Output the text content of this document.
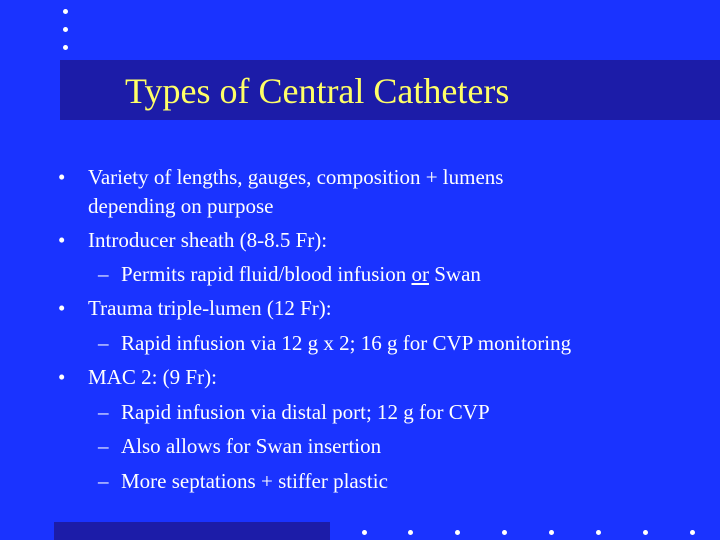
Types of Central Catheters
• Variety of lengths, gauges, composition + lumens
depending on purpose
• Introducer sheath (8-8.5 Fr):
– Permits rapid fluid/blood infusion or Swan
• Trauma triple-lumen (12 Fr):
– Rapid infusion via 12 g x 2; 16 g for CVP monitoring
• MAC 2: (9 Fr):
– Rapid infusion via distal port; 12 g for CVP
– Also allows for Swan insertion
– More septations + stiffer plastic
